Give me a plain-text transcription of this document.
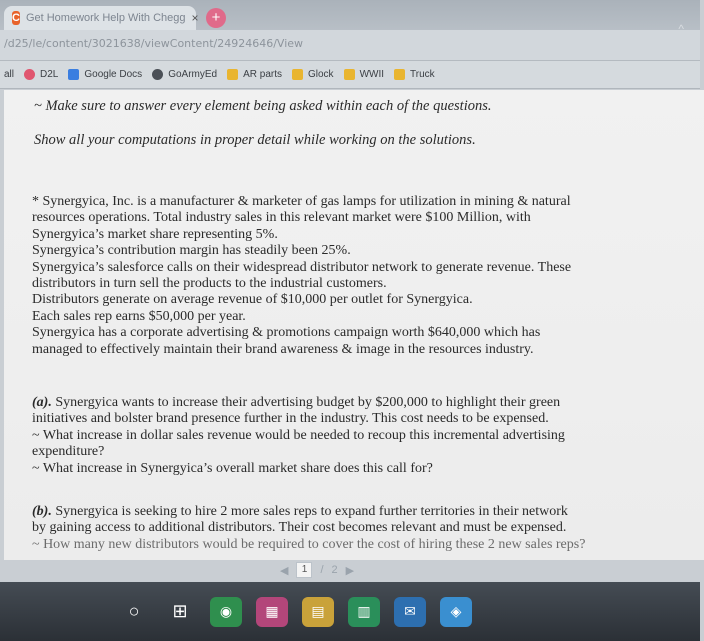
C Get Homework Help With Chegg × +
/d25/le/content/3021638/viewContent/24924646/View
all	D2L	Google Docs	GoArmyEd	AR parts	Glock	WWII	Truck
~ Make sure to answer every element being asked within each of the questions.
Show all your computations in proper detail while working on the solutions.
* Synergyica, Inc. is a manufacturer & marketer of gas lamps for utilization in mining & natural
resources operations. Total industry sales in this relevant market were $100 Million, with
Synergyica’s market share representing 5%.
Synergyica’s contribution margin has steadily been 25%.
Synergyica’s salesforce calls on their widespread distributor network to generate revenue. These
distributors in turn sell the products to the industrial customers.
Distributors generate on average revenue of $10,000 per outlet for Synergyica.
Each sales rep earns $50,000 per year.
Synergyica has a corporate advertising & promotions campaign worth $640,000 which has
managed to effectively maintain their brand awareness & image in the resources industry.
(a). Synergyica wants to increase their advertising budget by $200,000 to highlight their green
initiatives and bolster brand presence further in the industry. This cost needs to be expensed.
~ What increase in dollar sales revenue would be needed to recoup this incremental advertising
expenditure?
~ What increase in Synergyica’s overall market share does this call for?
(b). Synergyica is seeking to hire 2 more sales reps to expand further territories in their network
by gaining access to additional distributors. Their cost becomes relevant and must be expensed.
~ How many new distributors would be required to cover the cost of hiring these 2 new sales reps?
◀	1	/ 2 ▶
○	⊞	◉	▦	▤	▥	✉	◈
^
